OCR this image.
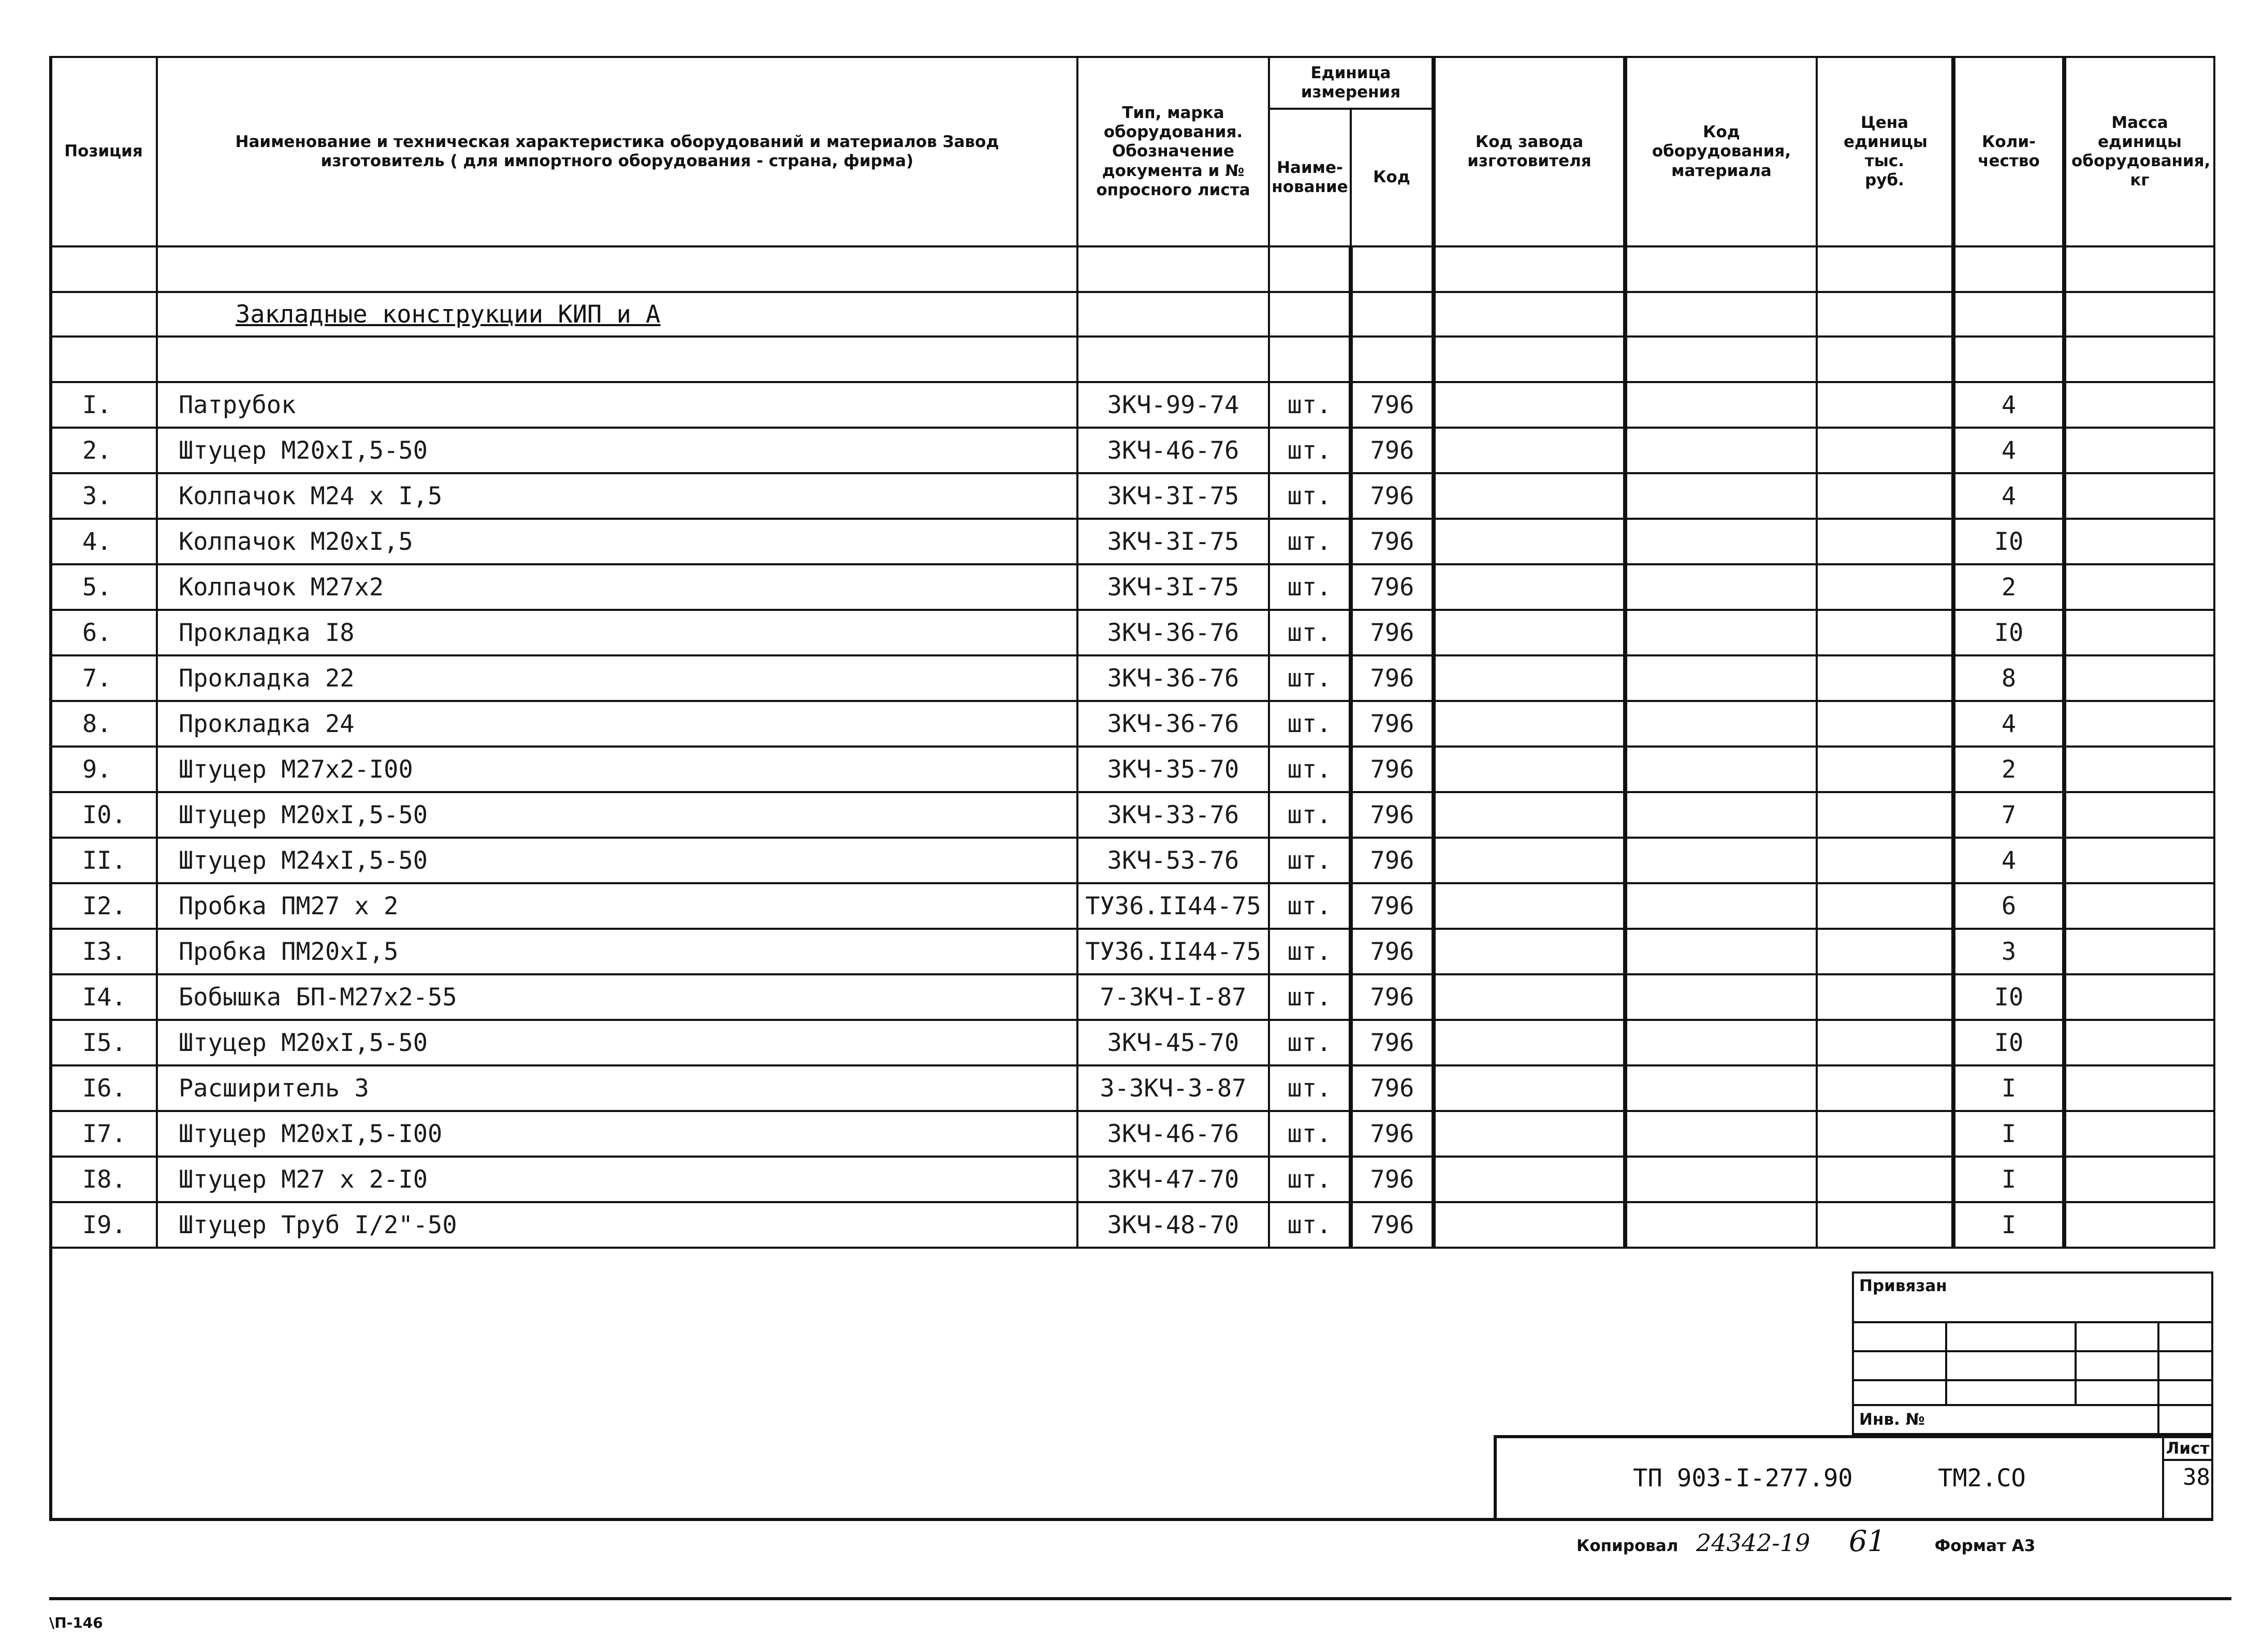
Позиция	Наименование и техническая характеристика оборудований и материалов Завод изготовитель ( для импортного оборудования - страна, фирма)	Тип, марка оборудования. Обозначение документа и № опросного листа	Единица измерения		Код завода изготовителя	Код оборудования, материала	Цена единицы тыс. руб.	Коли-чество	Масса единицы оборудования, кг
			Наиме-нование	Код					

	Закладные конструкции КИП и А								

I.	Патрубок	ЗКЧ-99-74	шт.	796				4	
2.	Штуцер М20хI,5-50	ЗКЧ-46-76	шт.	796				4	
3.	Колпачок М24 х I,5	ЗКЧ-3I-75	шт.	796				4	
4.	Колпачок М20хI,5	ЗКЧ-3I-75	шт.	796				I0	
5.	Колпачок М27х2	ЗКЧ-3I-75	шт.	796				2	
6.	Прокладка I8	ЗКЧ-36-76	шт.	796				I0	
7.	Прокладка 22	ЗКЧ-36-76	шт.	796				8	
8.	Прокладка 24	ЗКЧ-36-76	шт.	796				4	
9.	Штуцер М27х2-I00	ЗКЧ-35-70	шт.	796				2	
I0.	Штуцер М20хI,5-50	ЗКЧ-33-76	шт.	796				7	
II.	Штуцер М24хI,5-50	ЗКЧ-53-76	шт.	796				4	
I2.	Пробка ПМ27 х 2	ТУ36.II44-75	шт.	796				6	
I3.	Пробка ПМ20хI,5	ТУ36.II44-75	шт.	796				3	
I4.	Бобышка БП-М27х2-55	7-ЗКЧ-I-87	шт.	796				I0	
I5.	Штуцер М20хI,5-50	ЗКЧ-45-70	шт.	796				I0	
I6.	Расширитель 3	3-ЗКЧ-3-87	шт.	796				I	
I7.	Штуцер М20хI,5-I00	ЗКЧ-46-76	шт.	796				I	
I8.	Штуцер М27 х 2-I0	ЗКЧ-47-70	шт.	796				I	
I9.	Штуцер Труб I/2"-50	ЗКЧ-48-70	шт.	796				I	
Привязан			

Инв. №			
ТП 903-I-277.90	ТМ2.СО	
Лист
38
Копировал 24342-19 61	Формат А3
\П-146
